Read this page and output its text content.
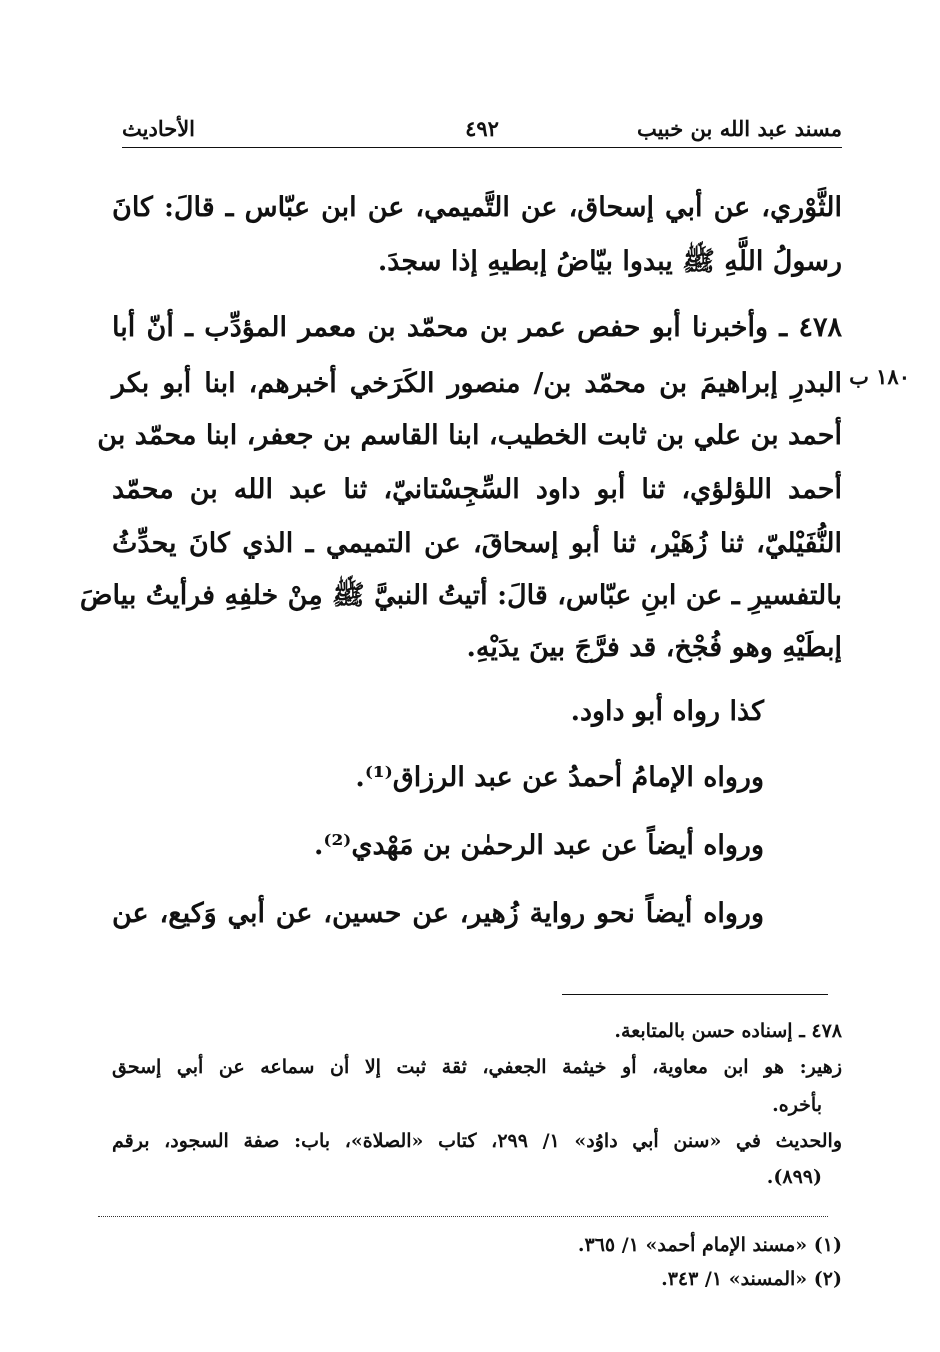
مسند عبد الله بن خبيب
٤٩٢
الأحاديث
١٨٠ ب
الثَّوْري، عن أبي إسحاق، عن التَّميمي، عن ابن عبّاس ـ قالَ: كانَ
رسولُ اللَّهِ ﷺ يبدوا بيّاضُ إبطيهِ إذا سجدَ.
٤٧٨ ـ وأخبرنا أبو حفص عمر بن محمّد بن معمر المؤدِّب ـ أنّ أبا
البدرِ إبراهيمَ بن محمّد بن/ منصور الكَرَخي أخبرهم، ابنا أبو بكر
أحمد بن علي بن ثابت الخطيب، ابنا القاسم بن جعفر، ابنا محمّد بن
أحمد اللؤلؤي، ثنا أبو داود السِّجِسْتانيّ، ثنا عبد الله بن محمّد
النُّفَيْليّ، ثنا زُهَيْر، ثنا أبو إسحاقَ، عن التميمي ـ الذي كانَ يحدِّثُ
بالتفسيرِ ـ عن ابنِ عبّاس، قالَ: أتيتُ النبيَّ ﷺ مِنْ خلفِهِ فرأيتُ بياضَ
إبطَيْهِ وهو فُجْخ، قد فرَّجَ بينَ يدَيْهِ.
كذا رواه أبو داود.
ورواه الإمامُ أحمدُ عن عبد الرزاق⁽¹⁾.
ورواه أيضاً عن عبد الرحمٰن بن مَهْدي⁽²⁾.
ورواه أيضاً نحو رواية زُهير، عن حسين، عن أبي وَكيع، عن
٤٧٨ ـ إسناده حسن بالمتابعة.
زهير: هو ابن معاوية، أو خيثمة الجعفي، ثقة ثبت إلا أن سماعه عن أبي إسحق
بأخره.
والحديث في «سنن أبي داوُد» ١/ ٢٩٩، كتاب «الصلاة»، باب: صفة السجود، برقم
(٨٩٩).
(١) «مسند الإمام أحمد» ١/ ٣٦٥.
(٢) «المسند» ١/ ٣٤٣.
